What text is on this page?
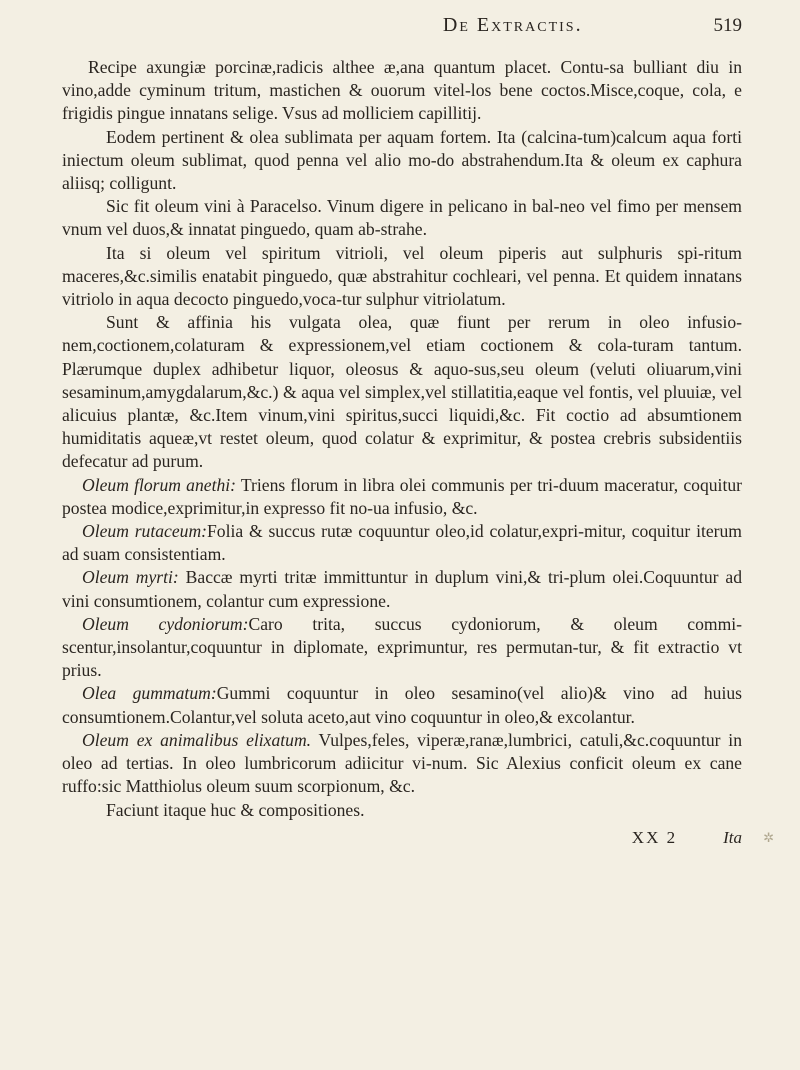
De Extractis.	519

Recipe axungiæ porcinæ,radicis althee æ,ana quantum placet. Contu-sa bulliant diu in vino,adde cyminum tritum, mastichen & ouorum vitel-los bene coctos.Misce,coque, cola, e frigidis pingue innatans selige. Vsus ad molliciem capillitij.

Eodem pertinent & olea sublimata per aquam fortem. Ita (calcina-tum)calcum aqua forti iniectum oleum sublimat, quod penna vel alio mo-do abstrahendum.Ita & oleum ex caphura aliisq; colligunt.

Sic fit oleum vini à Paracelso. Vinum digere in pelicano in bal-neo vel fimo per mensem vnum vel duos,& innatat pinguedo, quam ab-strahe.

Ita si oleum vel spiritum vitrioli, vel oleum piperis aut sulphuris spi-ritum maceres,&c.similis enatabit pinguedo, quæ abstrahitur cochleari, vel penna. Et quidem innatans vitriolo in aqua decocto pinguedo,voca-tur sulphur vitriolatum.

Sunt & affinia his vulgata olea, quæ fiunt per rerum in oleo infusio-nem,coctionem,colaturam & expressionem,vel etiam coctionem & cola-turam tantum. Plærumque duplex adhibetur liquor, oleosus & aquo-sus,seu oleum (veluti oliuarum,vini sesaminum,amygdalarum,&c.) & aqua vel simplex,vel stillatitia,eaque vel fontis, vel pluuiæ, vel alicuius plantæ, &c.Item vinum,vini spiritus,succi liquidi,&c. Fit coctio ad absumtionem humiditatis aqueæ,vt restet oleum, quod colatur & exprimitur, & postea crebris subsidentiis defecatur ad purum.

Oleum florum anethi: Triens florum in libra olei communis per tri-duum maceratur, coquitur postea modice,exprimitur,in expresso fit no-ua infusio, &c.

Oleum rutaceum:Folia & succus rutæ coquuntur oleo,id colatur,expri-mitur, coquitur iterum ad suam consistentiam.

Oleum myrti: Baccæ myrti tritæ immittuntur in duplum vini,& tri-plum olei.Coquuntur ad vini consumtionem, colantur cum expressione.

Oleum cydoniorum:Caro trita, succus cydoniorum, & oleum commi-scentur,insolantur,coquuntur in diplomate, exprimuntur, res permutan-tur, & fit extractio vt prius.

Olea gummatum:Gummi coquuntur in oleo sesamino(vel alio)& vino ad huius consumtionem.Colantur,vel soluta aceto,aut vino coquuntur in oleo,& excolantur.

Oleum ex animalibus elixatum. Vulpes,feles, viperæ,ranæ,lumbrici, catuli,&c.coquuntur in oleo ad tertias. In oleo lumbricorum adiicitur vi-num. Sic Alexius conficit oleum ex cane ruffo:sic Matthiolus oleum suum scorpionum, &c.

Faciunt itaque huc & compositiones.

XX 2	Ita ✲
